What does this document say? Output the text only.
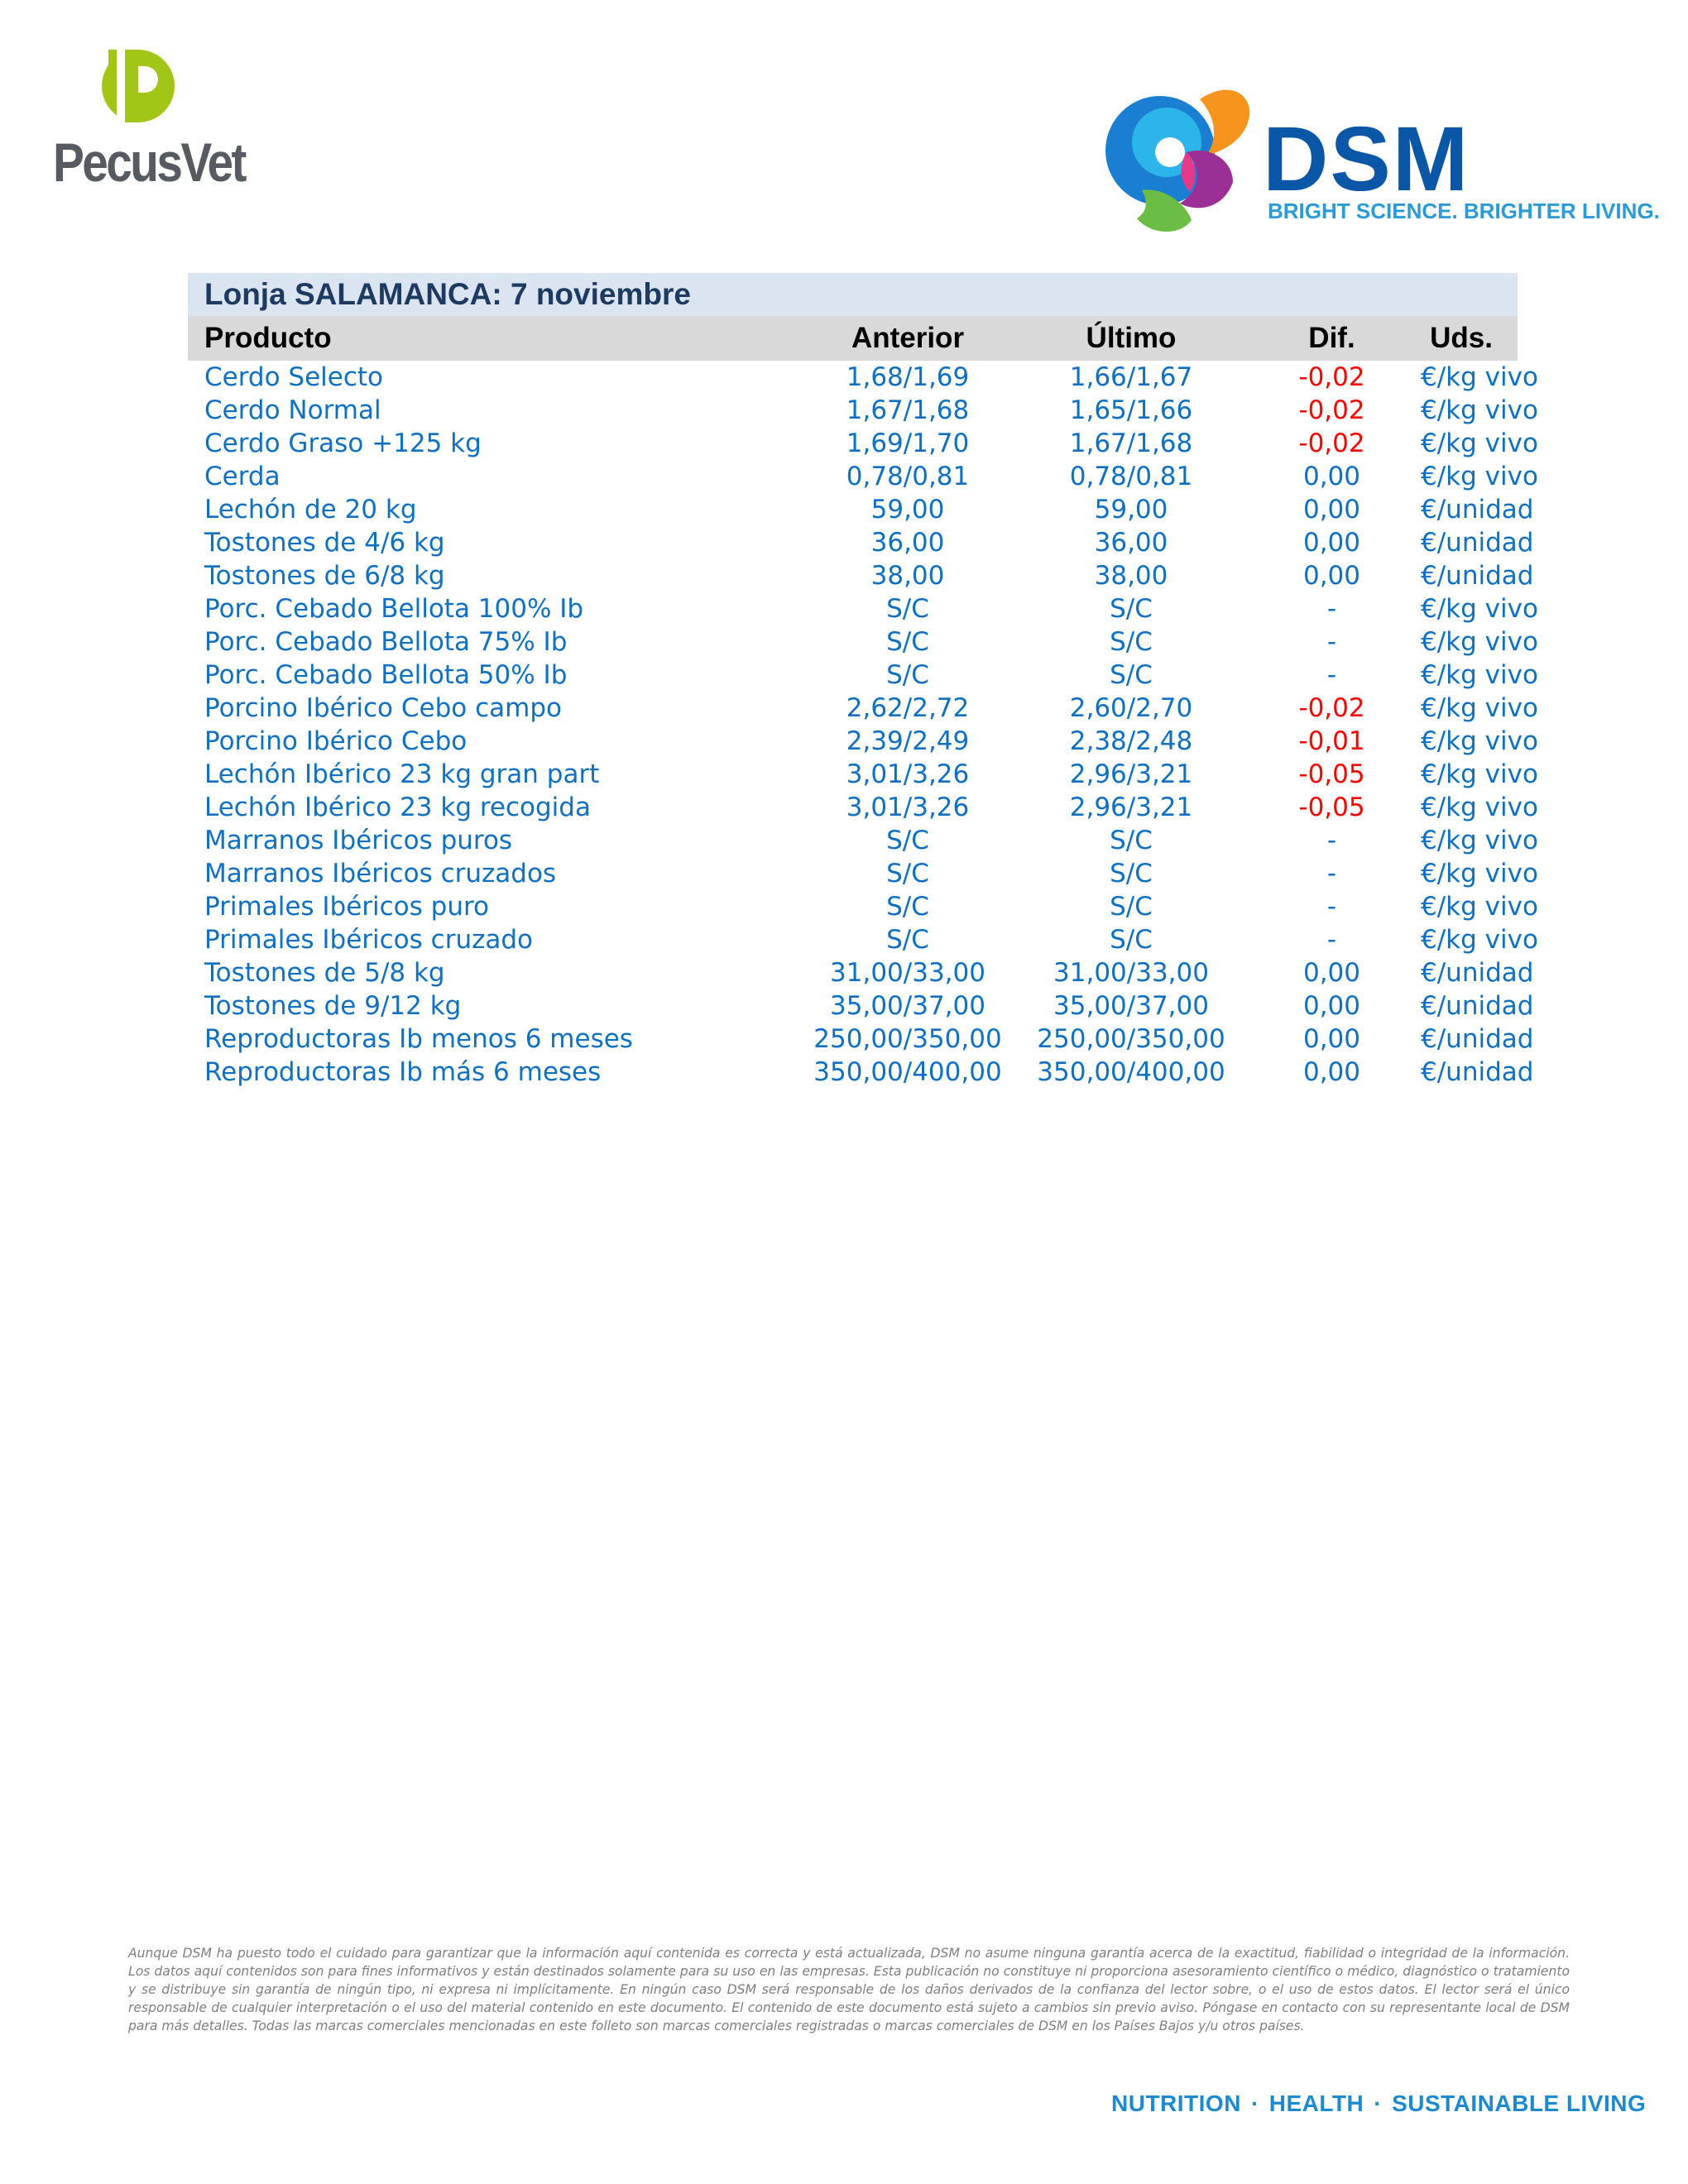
PecusVet	DSM
BRIGHT SCIENCE. BRIGHTER LIVING.
Lonja SALAMANCA: 7 noviembre
Producto	Anterior	Último	Dif.	Uds.
Cerdo Selecto	1,68/1,69	1,66/1,67	-0,02	€/kg vivo
Cerdo Normal	1,67/1,68	1,65/1,66	-0,02	€/kg vivo
Cerdo Graso +125 kg	1,69/1,70	1,67/1,68	-0,02	€/kg vivo
Cerda	0,78/0,81	0,78/0,81	0,00	€/kg vivo
Lechón de 20 kg	59,00	59,00	0,00	€/unidad
Tostones de 4/6 kg	36,00	36,00	0,00	€/unidad
Tostones de 6/8 kg	38,00	38,00	0,00	€/unidad
Porc. Cebado Bellota 100% Ib	S/C	S/C	-	€/kg vivo
Porc. Cebado Bellota 75% Ib	S/C	S/C	-	€/kg vivo
Porc. Cebado Bellota 50% Ib	S/C	S/C	-	€/kg vivo
Porcino Ibérico Cebo campo	2,62/2,72	2,60/2,70	-0,02	€/kg vivo
Porcino Ibérico Cebo	2,39/2,49	2,38/2,48	-0,01	€/kg vivo
Lechón Ibérico 23 kg gran part	3,01/3,26	2,96/3,21	-0,05	€/kg vivo
Lechón Ibérico 23 kg recogida	3,01/3,26	2,96/3,21	-0,05	€/kg vivo
Marranos Ibéricos puros	S/C	S/C	-	€/kg vivo
Marranos Ibéricos cruzados	S/C	S/C	-	€/kg vivo
Primales Ibéricos puro	S/C	S/C	-	€/kg vivo
Primales Ibéricos cruzado	S/C	S/C	-	€/kg vivo
Tostones de 5/8 kg	31,00/33,00	31,00/33,00	0,00	€/unidad
Tostones de 9/12 kg	35,00/37,00	35,00/37,00	0,00	€/unidad
Reproductoras Ib menos 6 meses	250,00/350,00	250,00/350,00	0,00	€/unidad
Reproductoras Ib más 6 meses	350,00/400,00	350,00/400,00	0,00	€/unidad

Aunque DSM ha puesto todo el cuidado para garantizar que la información aquí contenida es correcta y está actualizada, DSM no asume ninguna garantía acerca de la exactitud, fiabilidad o integridad de la información. Los datos aquí contenidos son para fines informativos y están destinados solamente para su uso en las empresas. Esta publicación no constituye ni proporciona asesoramiento científico o médico, diagnóstico o tratamiento y se distribuye sin garantía de ningún tipo, ni expresa ni implícitamente. En ningún caso DSM será responsable de los daños derivados de la confianza del lector sobre, o el uso de estos datos. El lector será el único responsable de cualquier interpretación o el uso del material contenido en este documento. El contenido de este documento está sujeto a cambios sin previo aviso. Póngase en contacto con su representante local de DSM para más detalles. Todas las marcas comerciales mencionadas en este folleto son marcas comerciales registradas o marcas comerciales de DSM en los Países Bajos y/u otros países.

NUTRITION · HEALTH · SUSTAINABLE LIVING
